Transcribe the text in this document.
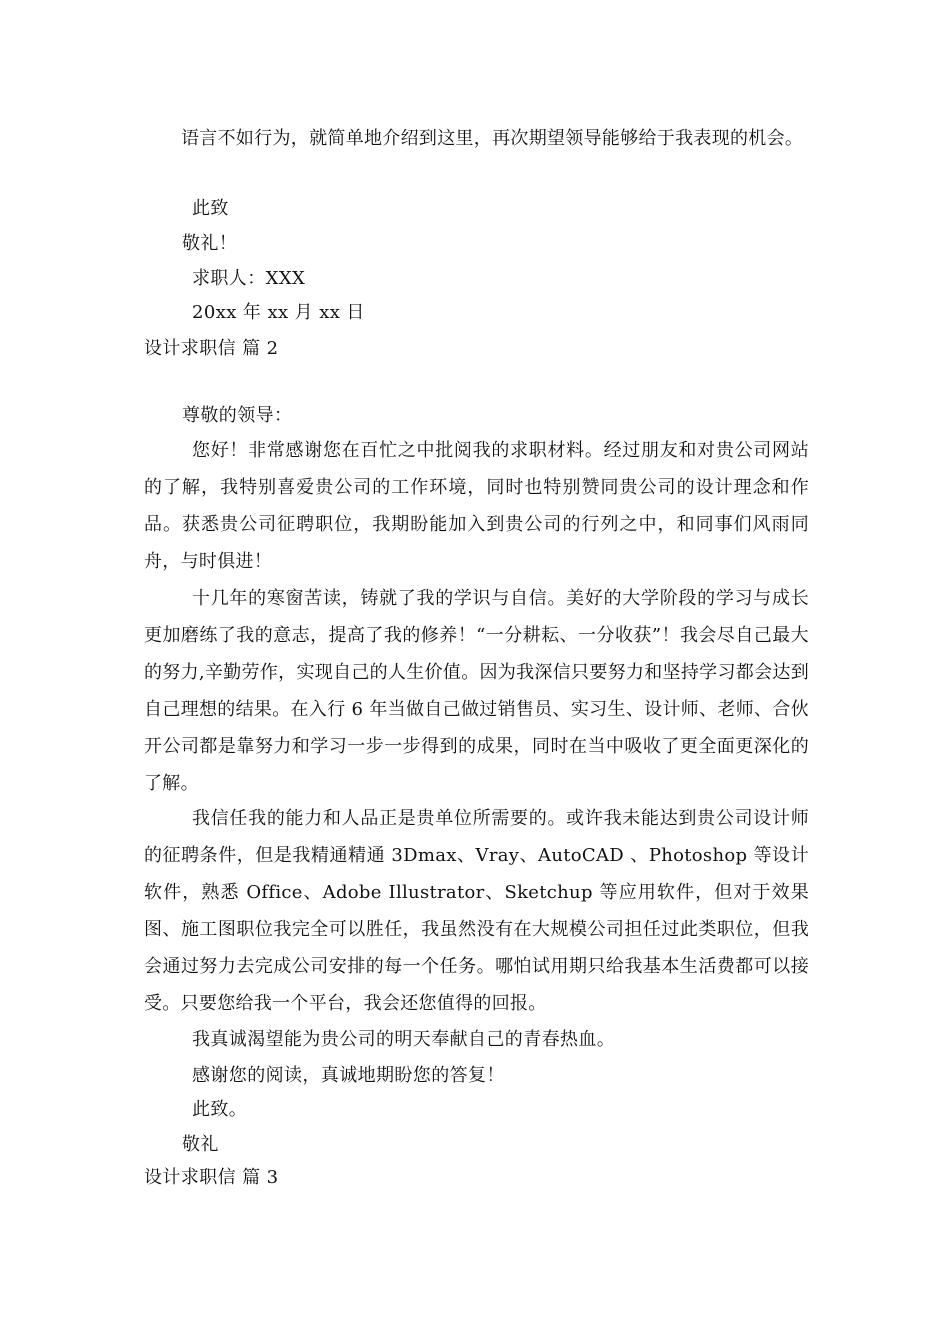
语言不如行为，就简单地介绍到这里，再次期望领导能够给于我表现的机会。
此致
敬礼！
求职人：XXX
20xx 年 xx 月 xx 日
设计求职信 篇 2
尊敬的领导：
您好！非常感谢您在百忙之中批阅我的求职材料。经过朋友和对贵公司网站的了解，我特别喜爱贵公司的工作环境，同时也特别赞同贵公司的设计理念和作品。获悉贵公司征聘职位，我期盼能加入到贵公司的行列之中，和同事们风雨同舟，与时俱进！
十几年的寒窗苦读，铸就了我的学识与自信。美好的大学阶段的学习与成长更加磨练了我的意志，提高了我的修养！“一分耕耘、一分收获”！我会尽自己最大的努力,辛勤劳作，实现自己的人生价值。因为我深信只要努力和坚持学习都会达到自己理想的结果。在入行 6 年当做自己做过销售员、实习生、设计师、老师、合伙开公司都是靠努力和学习一步一步得到的成果，同时在当中吸收了更全面更深化的了解。
我信任我的能力和人品正是贵单位所需要的。或许我未能达到贵公司设计师的征聘条件，但是我精通精通 3Dmax、Vray、AutoCAD 、Photoshop 等设计软件，熟悉 Office、Adobe Illustrator、Sketchup 等应用软件，但对于效果图、施工图职位我完全可以胜任，我虽然没有在大规模公司担任过此类职位，但我会通过努力去完成公司安排的每一个任务。哪怕试用期只给我基本生活费都可以接受。只要您给我一个平台，我会还您值得的回报。
我真诚渴望能为贵公司的明天奉献自己的青春热血。
感谢您的阅读，真诚地期盼您的答复！
此致。
敬礼
设计求职信 篇 3
